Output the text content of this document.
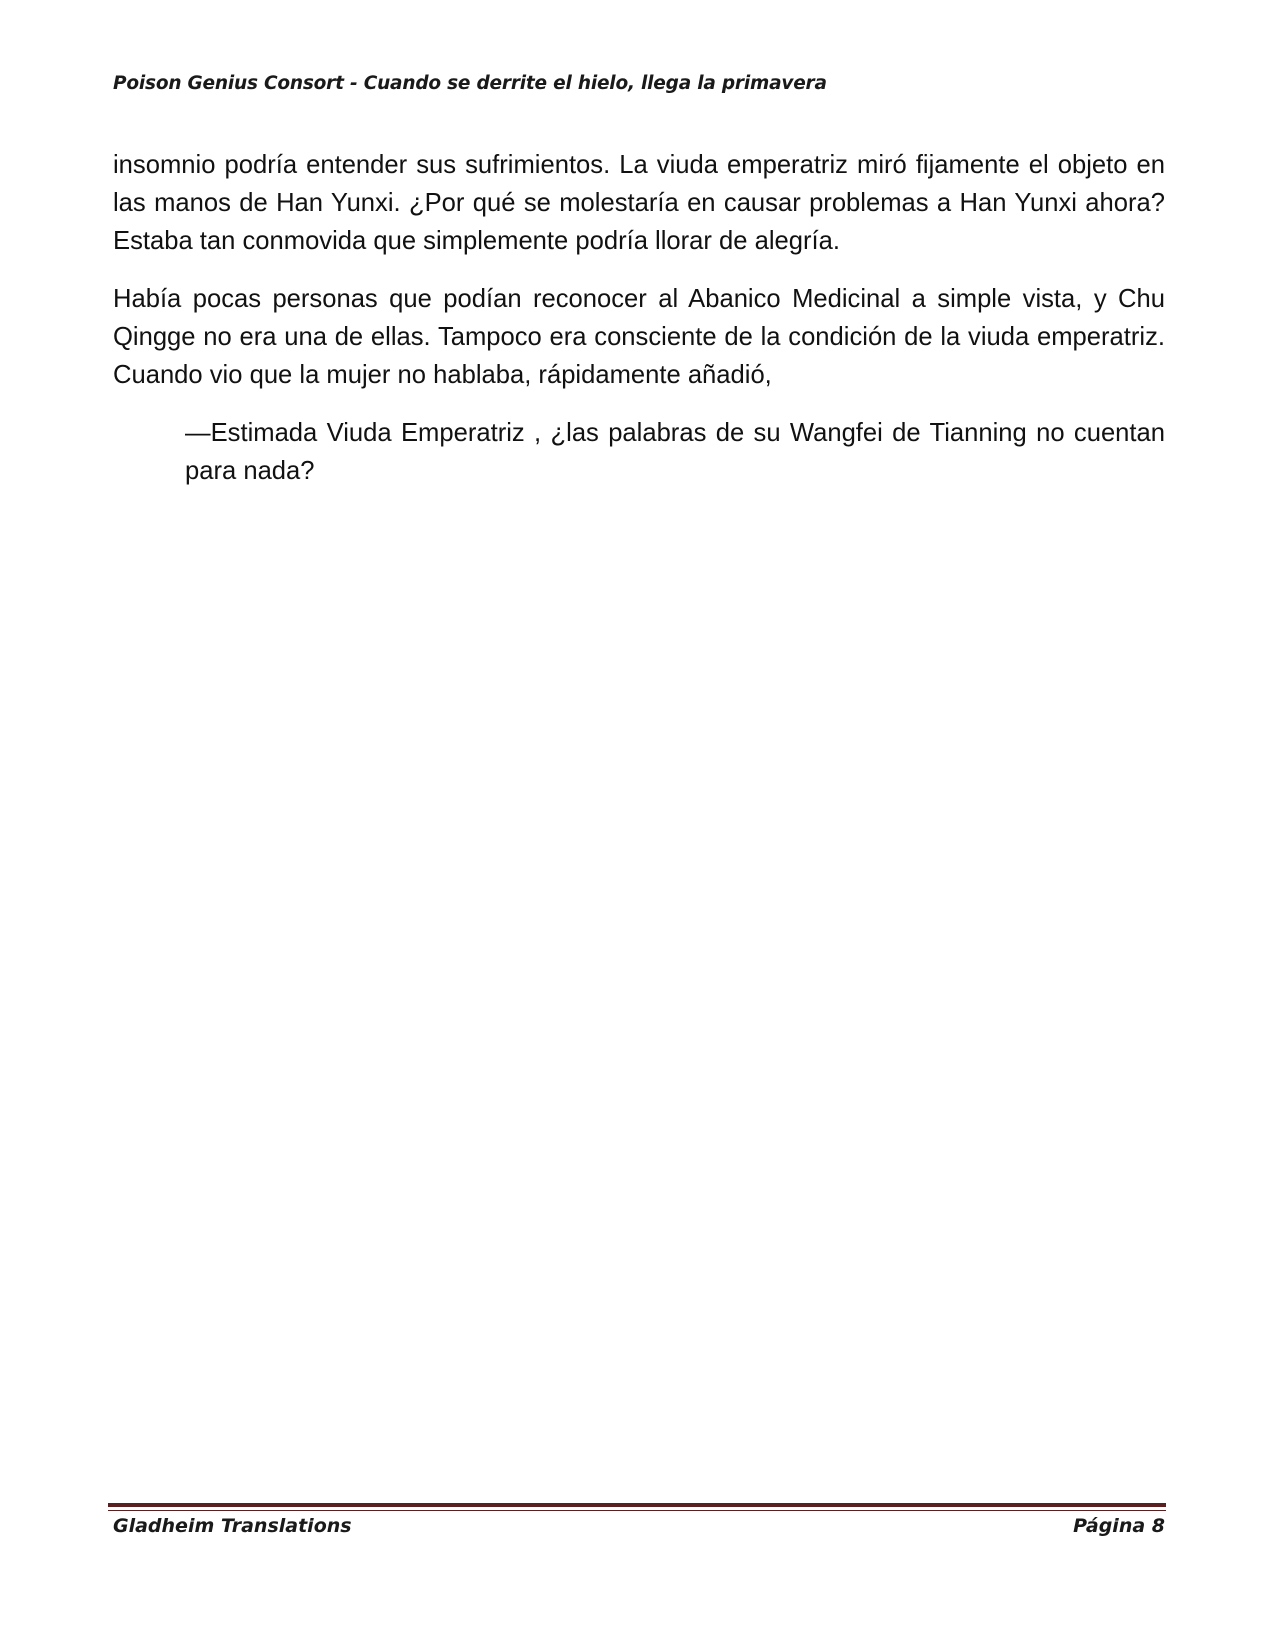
Poison Genius Consort - Cuando se derrite el hielo, llega la primavera

insomnio podría entender sus sufrimientos. La viuda emperatriz miró fijamente el objeto en las manos de Han Yunxi. ¿Por qué se molestaría en causar problemas a Han Yunxi ahora? Estaba tan conmovida que simplemente podría llorar de alegría.

Había pocas personas que podían reconocer al Abanico Medicinal a simple vista, y Chu Qingge no era una de ellas. Tampoco era consciente de la condición de la viuda emperatriz. Cuando vio que la mujer no hablaba, rápidamente añadió,

—Estimada Viuda Emperatriz , ¿las palabras de su Wangfei de Tianning no cuentan para nada?

Gladheim Translations	Página 8
